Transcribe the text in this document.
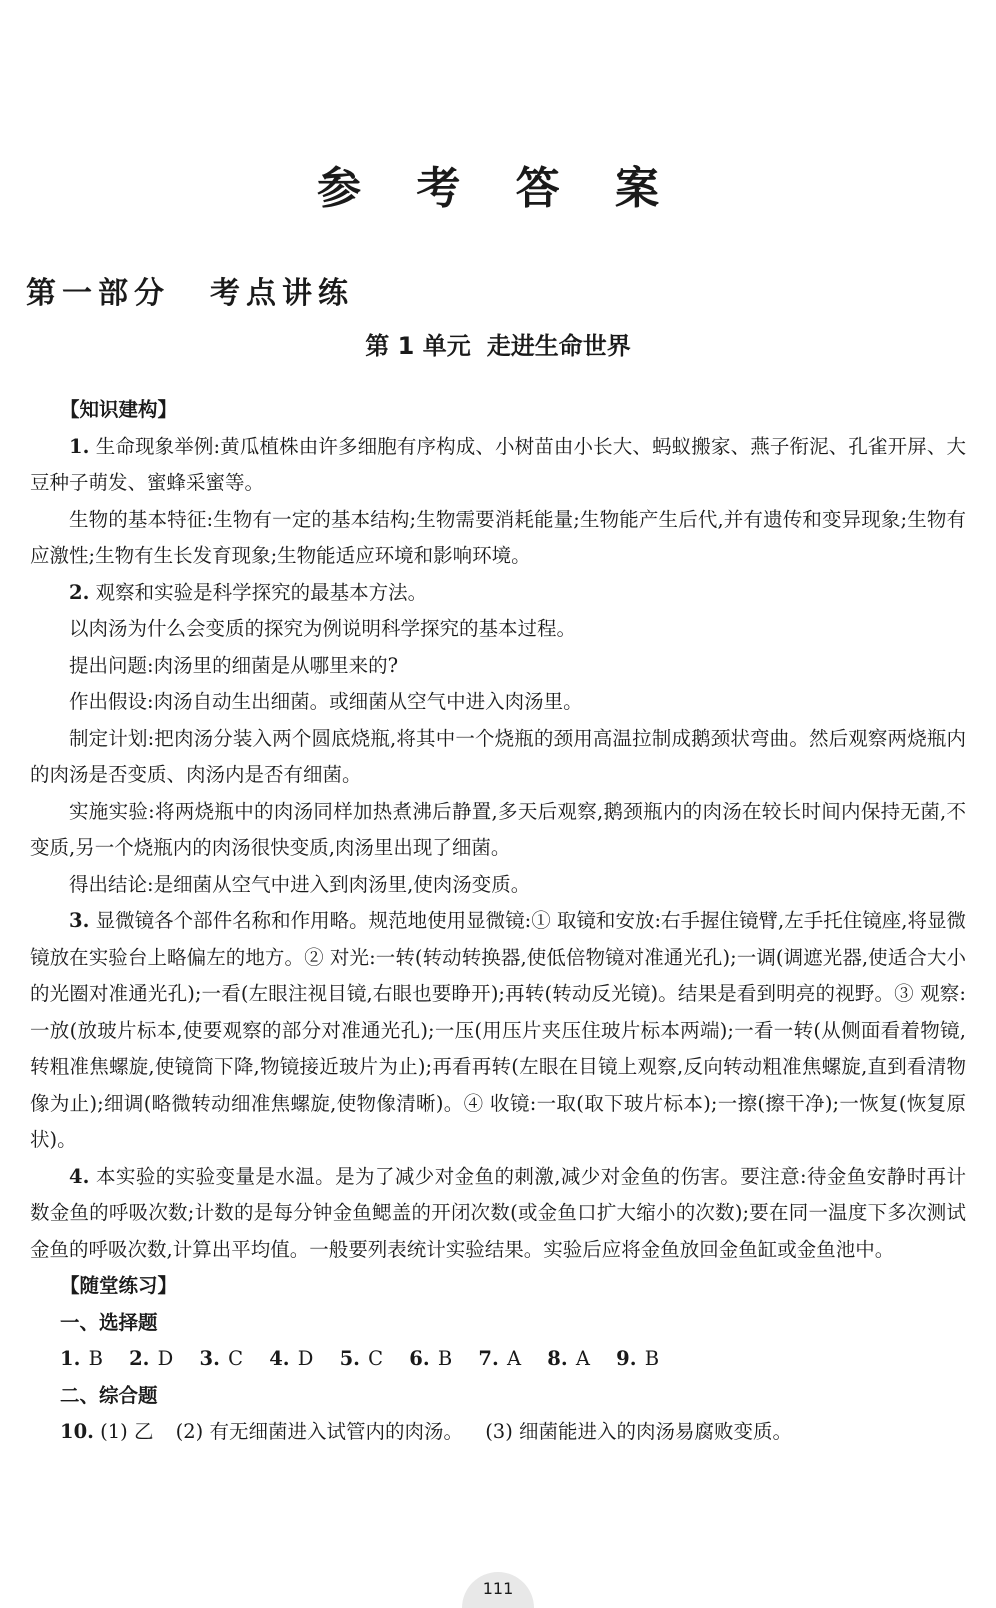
参 考 答 案
第一部分 考点讲练
第 1 单元 走进生命世界
【知识建构】

1. 生命现象举例:黄瓜植株由许多细胞有序构成、小树苗由小长大、蚂蚁搬家、燕子衔泥、孔雀开屏、大豆种子萌发、蜜蜂采蜜等。

生物的基本特征:生物有一定的基本结构;生物需要消耗能量;生物能产生后代,并有遗传和变异现象;生物有应激性;生物有生长发育现象;生物能适应环境和影响环境。

2. 观察和实验是科学探究的最基本方法。

以肉汤为什么会变质的探究为例说明科学探究的基本过程。

提出问题:肉汤里的细菌是从哪里来的?

作出假设:肉汤自动生出细菌。或细菌从空气中进入肉汤里。

制定计划:把肉汤分装入两个圆底烧瓶,将其中一个烧瓶的颈用高温拉制成鹅颈状弯曲。然后观察两烧瓶内的肉汤是否变质、肉汤内是否有细菌。

实施实验:将两烧瓶中的肉汤同样加热煮沸后静置,多天后观察,鹅颈瓶内的肉汤在较长时间内保持无菌,不变质,另一个烧瓶内的肉汤很快变质,肉汤里出现了细菌。

得出结论:是细菌从空气中进入到肉汤里,使肉汤变质。

3. 显微镜各个部件名称和作用略。规范地使用显微镜:① 取镜和安放:右手握住镜臂,左手托住镜座,将显微镜放在实验台上略偏左的地方。② 对光:一转(转动转换器,使低倍物镜对准通光孔);一调(调遮光器,使适合大小的光圈对准通光孔);一看(左眼注视目镜,右眼也要睁开);再转(转动反光镜)。结果是看到明亮的视野。③ 观察:一放(放玻片标本,使要观察的部分对准通光孔);一压(用压片夹压住玻片标本两端);一看一转(从侧面看着物镜,转粗准焦螺旋,使镜筒下降,物镜接近玻片为止);再看再转(左眼在目镜上观察,反向转动粗准焦螺旋,直到看清物像为止);细调(略微转动细准焦螺旋,使物像清晰)。④ 收镜:一取(取下玻片标本);一擦(擦干净);一恢复(恢复原状)。

4. 本实验的实验变量是水温。是为了减少对金鱼的刺激,减少对金鱼的伤害。要注意:待金鱼安静时再计数金鱼的呼吸次数;计数的是每分钟金鱼鳃盖的开闭次数(或金鱼口扩大缩小的次数);要在同一温度下多次测试金鱼的呼吸次数,计算出平均值。一般要列表统计实验结果。实验后应将金鱼放回金鱼缸或金鱼池中。

【随堂练习】
一、选择题
1. B 2. D 3. C 4. D 5. C 6. B 7. A 8. A 9. B
二、综合题
10. (1) 乙 (2) 有无细菌进入试管内的肉汤。 (3) 细菌能进入的肉汤易腐败变质。
111
